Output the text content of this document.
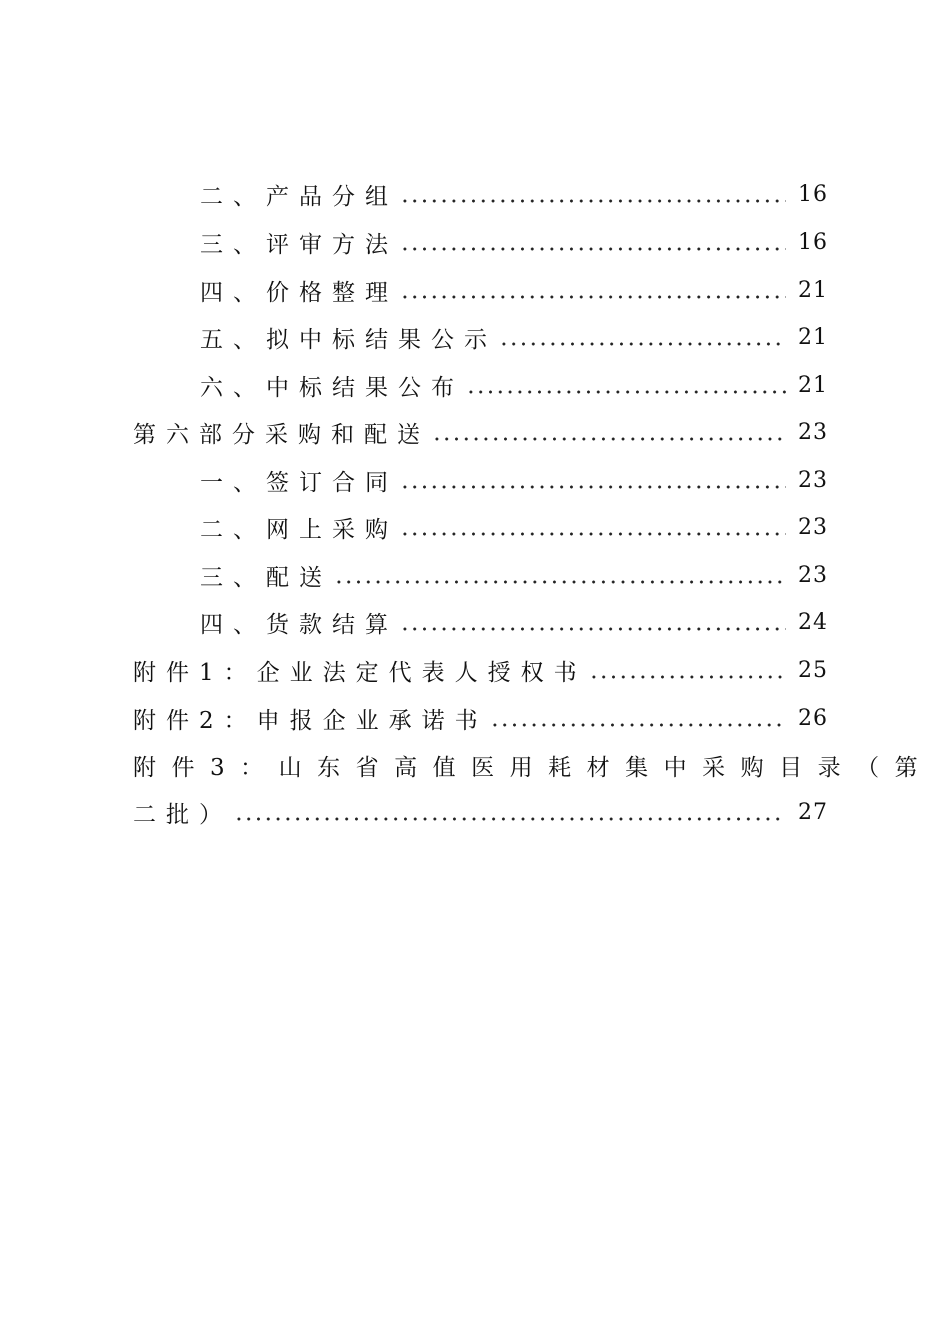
二、产品分组	16
三、评审方法	16
四、价格整理	21
五、拟中标结果公示	21
六、中标结果公布	21
第六部分采购和配送	23
一、签订合同	23
二、网上采购	23
三、配送	23
四、货款结算	24
附件1：企业法定代表人授权书	25
附件2：申报企业承诺书	26
附件3：山东省高值医用耗材集中采购目录（第
二批）	27
